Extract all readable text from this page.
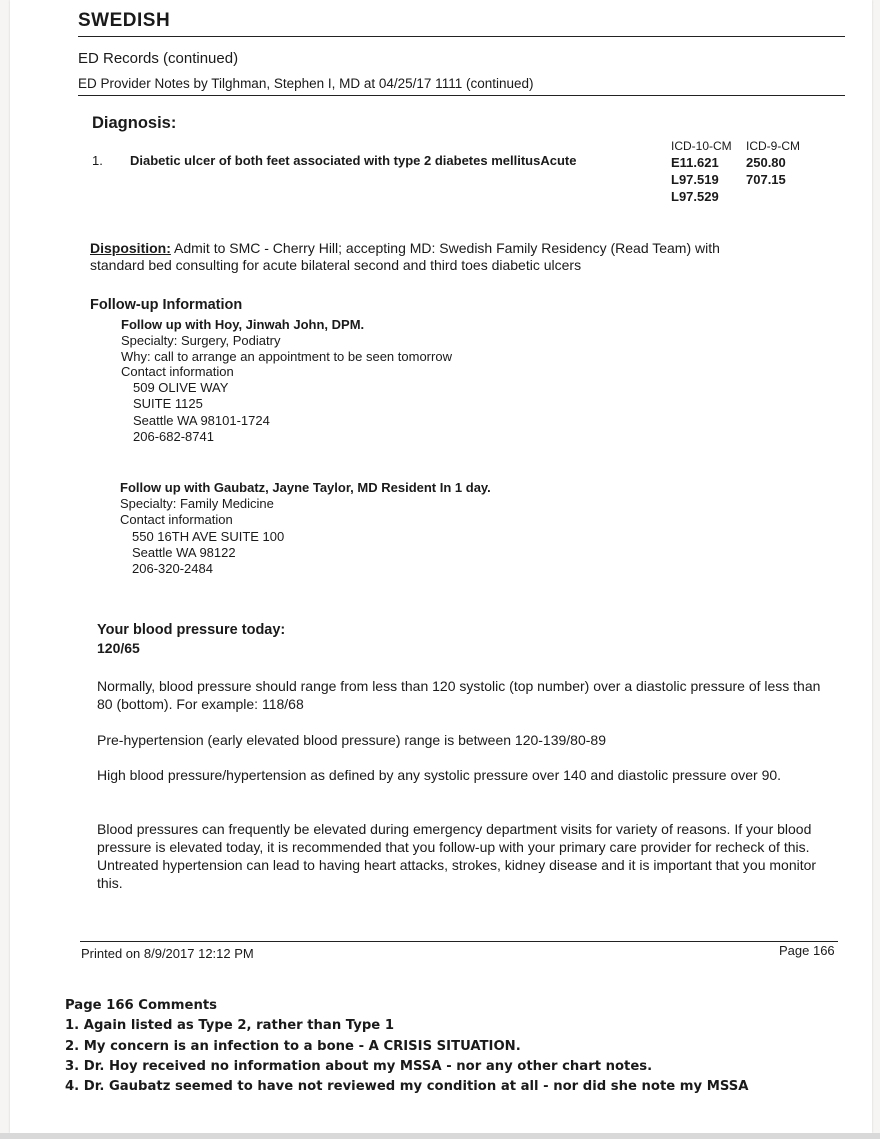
SWEDISH
ED Records (continued)
ED Provider Notes by Tilghman, Stephen I, MD at 04/25/17 1111 (continued)
Diagnosis:
1. Diabetic ulcer of both feet associated with type 2 diabetes mellitusAcute
ICD-10-CM ICD-9-CM
E11.621
L97.519
L97.529
250.80
707.15
Disposition: Admit to SMC - Cherry Hill; accepting MD: Swedish Family Residency (Read Team) with
standard bed consulting for acute bilateral second and third toes diabetic ulcers
Follow-up Information
Follow up with Hoy, Jinwah John, DPM.
Specialty: Surgery, Podiatry
Why: call to arrange an appointment to be seen tomorrow
Contact information
509 OLIVE WAY
SUITE 1125
Seattle WA 98101-1724
206-682-8741
Follow up with Gaubatz, Jayne Taylor, MD Resident In 1 day.
Specialty: Family Medicine
Contact information
550 16TH AVE SUITE 100
Seattle WA 98122
206-320-2484
Your blood pressure today:
120/65
Normally, blood pressure should range from less than 120 systolic (top number) over a diastolic pressure of less than 80 (bottom). For example: 118/68
Pre-hypertension (early elevated blood pressure) range is between 120-139/80-89
High blood pressure/hypertension as defined by any systolic pressure over 140 and diastolic pressure over 90.
Blood pressures can frequently be elevated during emergency department visits for variety of reasons. If your blood pressure is elevated today, it is recommended that you follow-up with your primary care provider for recheck of this. Untreated hypertension can lead to having heart attacks, strokes, kidney disease and it is important that you monitor this.
Printed on 8/9/2017 12:12 PM	Page 166
Page 166 Comments
1. Again listed as Type 2, rather than Type 1
2. My concern is an infection to a bone - A CRISIS SITUATION.
3. Dr. Hoy received no information about my MSSA - nor any other chart notes.
4. Dr. Gaubatz seemed to have not reviewed my condition at all - nor did she note my MSSA
